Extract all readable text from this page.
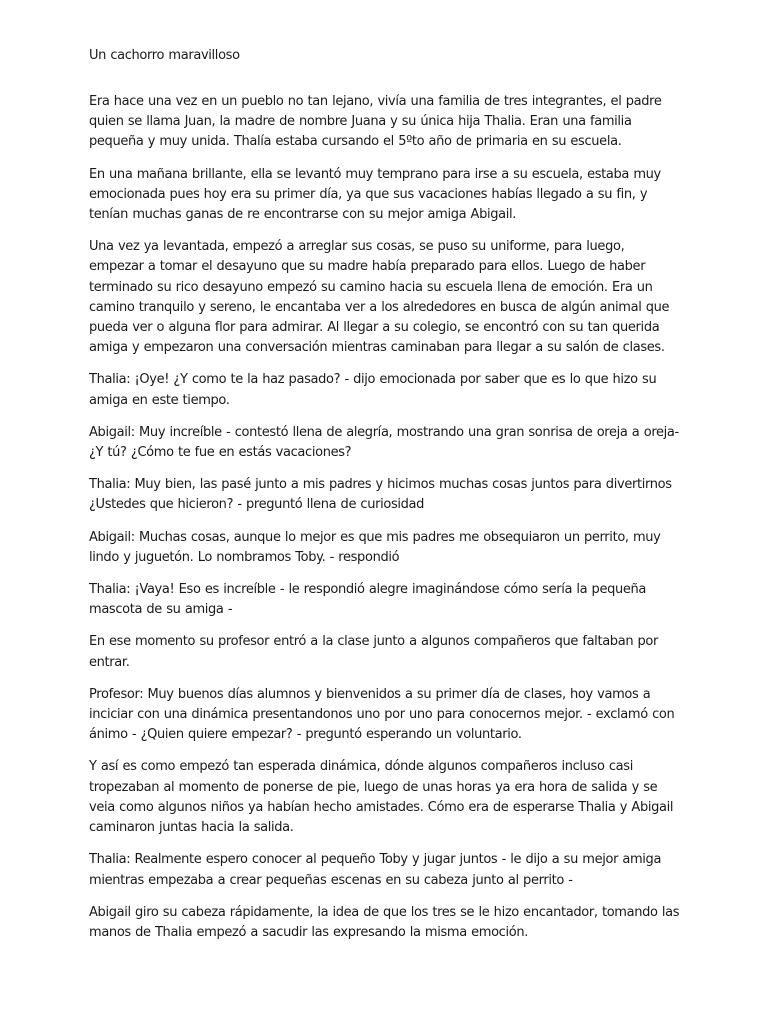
Un cachorro maravilloso

Era hace una vez en un pueblo no tan lejano, vivía una familia de tres integrantes, el padre quien se llama Juan, la madre de nombre Juana y su única hija Thalia. Eran una familia pequeña y muy unida. Thalía estaba cursando el 5ºto año de primaria en su escuela.

En una mañana brillante, ella se levantó muy temprano para irse a su escuela, estaba muy emocionada pues hoy era su primer día, ya que sus vacaciones habías llegado a su fin, y tenían muchas ganas de re encontrarse con su mejor amiga Abigail.

Una vez ya levantada, empezó a arreglar sus cosas, se puso su uniforme, para luego, empezar a tomar el desayuno que su madre había preparado para ellos. Luego de haber terminado su rico desayuno empezó su camino hacia su escuela llena de emoción. Era un camino tranquilo y sereno, le encantaba ver a los alrededores en busca de algún animal que pueda ver o alguna flor para admirar. Al llegar a su colegio, se encontró con su tan querida amiga y empezaron una conversación mientras caminaban para llegar a su salón de clases.

Thalia: ¡Oye! ¿Y como te la haz pasado? - dijo emocionada por saber que es lo que hizo su amiga en este tiempo.

Abigail: Muy increíble - contestó llena de alegría, mostrando una gran sonrisa de oreja a oreja- ¿Y tú? ¿Cómo te fue en estás vacaciones?

Thalia: Muy bien, las pasé junto a mis padres y hicimos muchas cosas juntos para divertirnos ¿Ustedes que hicieron? - preguntó llena de curiosidad

Abigail: Muchas cosas, aunque lo mejor es que mis padres me obsequiaron un perrito, muy lindo y juguetón. Lo nombramos Toby. - respondió

Thalia: ¡Vaya! Eso es increíble - le respondió alegre imaginándose cómo sería la pequeña mascota de su amiga -

En ese momento su profesor entró a la clase junto a algunos compañeros que faltaban por entrar.

Profesor: Muy buenos días alumnos y bienvenidos a su primer día de clases, hoy vamos a inciciar con una dinámica presentandonos uno por uno para conocernos mejor. - exclamó con ánimo - ¿Quien quiere empezar? - preguntó esperando un voluntario.

Y así es como empezó tan esperada dinámica, dónde algunos compañeros incluso casi tropezaban al momento de ponerse de pie, luego de unas horas ya era hora de salida y se veia como algunos niños ya habían hecho amistades. Cómo era de esperarse Thalia y Abigail caminaron juntas hacia la salida.

Thalia: Realmente espero conocer al pequeño Toby y jugar juntos - le dijo a su mejor amiga mientras empezaba a crear pequeñas escenas en su cabeza junto al perrito -

Abigail giro su cabeza rápidamente, la idea de que los tres se le hizo encantador, tomando las manos de Thalia empezó a sacudir las expresando la misma emoción.
